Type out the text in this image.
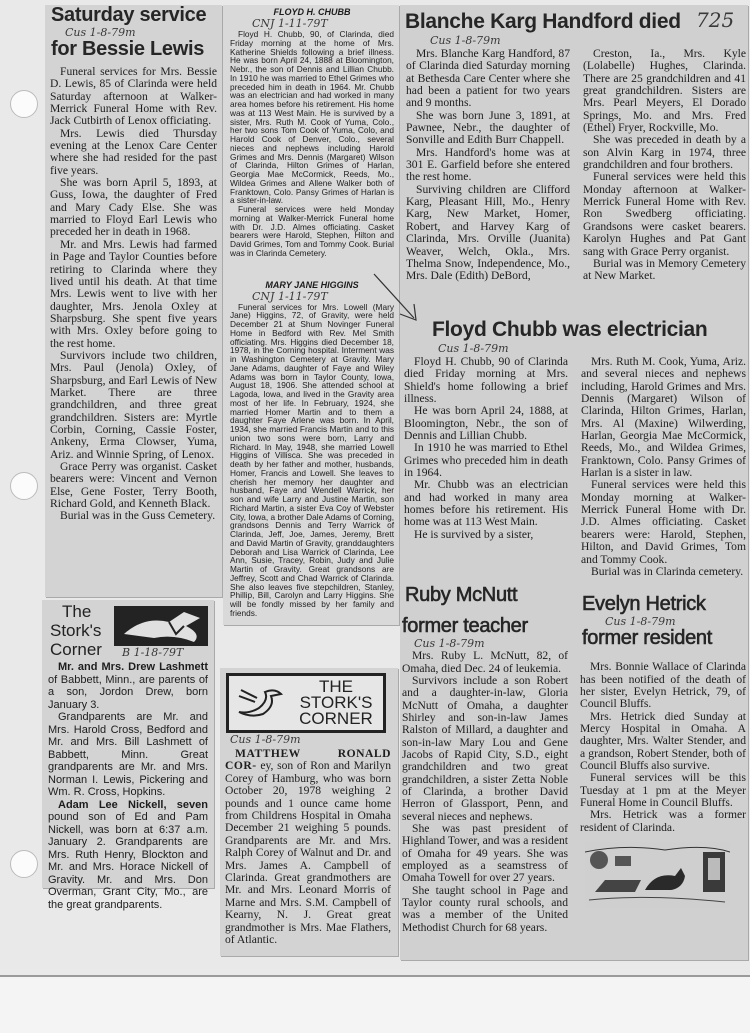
Saturday service
Cus 1-8-79m
for Bessie Lewis

Funeral services for Mrs. Bessie D. Lewis, 85 of Clarinda were held Saturday afternoon at Walker-Merrick Funeral Home with Rev. Jack Cutbirth of Lenox officiating.

Mrs. Lewis died Thursday evening at the Lenox Care Center where she had resided for the past five years.

She was born April 5, 1893, at Guss, Iowa, the daughter of Fred and Mary Cady Else. She was married to Floyd Earl Lewis who preceded her in death in 1968.

Mr. and Mrs. Lewis had farmed in Page and Taylor Counties before retiring to Clarinda where they lived until his death. At that time Mrs. Lewis went to live with her daughter, Mrs. Jenola Oxley at Sharpsburg. She spent five years with Mrs. Oxley before going to the rest home.

Survivors include two children, Mrs. Paul (Jenola) Oxley, of Sharpsburg, and Earl Lewis of New Market. There are three grandchildren, and three great grandchildren. Sisters are: Myrtle Corbin, Corning, Cassie Foster, Ankeny, Erma Clowser, Yuma, Ariz. and Winnie Spring, of Lenox.

Grace Perry was organist. Casket bearers were: Vincent and Vernon Else, Gene Foster, Terry Booth, Richard Gold, and Kenneth Black.

Burial was in the Guss Cemetery.

FLOYD H. CHUBB
CNJ 1-11-79T

Floyd H. Chubb, 90, of Clarinda, died Friday morning at the home of Mrs. Katherine Shields following a brief illness. He was born April 24, 1888 at Bloomington, Nebr., the son of Dennis and Lillian Chubb. In 1910 he was married to Ethel Grimes who preceded him in death in 1964. Mr. Chubb was an electrician and had worked in many area homes before his retirement. His home was at 113 West Main. He is survived by a sister, Mrs. Ruth M. Cook of Yuma, Colo., her two sons Tom Cook of Yuma, Colo, and Harold Cook of Denver, Colo., several nieces and nephews including Harold Grimes and Mrs. Dennis (Margaret) Wilson of Clarinda, Hilton Grimes of Harlan, Georgia Mae McCormick, Reeds, Mo., Wildea Grimes and Allene Walker both of Franktown, Colo. Pansy Grimes of Harlan is a sister-in-law.

Funeral services were held Monday morning at Walker-Merrick Funeral home with Dr. J.D. Almes officiating. Casket bearers were Harold, Stephen, Hilton and David Grimes, Tom and Tommy Cook. Burial was in Clarinda Cemetery.

MARY JANE HIGGINS
CNJ 1-11-79T

Funeral services for Mrs. Lowell (Mary Jane) Higgins, 72, of Gravity, were held December 21 at Shum Novinger Funeral Home in Bedford with Rev. Mel Smith officiating. Mrs. Higgins died December 18, 1978, in the Corning hospital. Interment was in Washington Cemetery at Gravity. Mary Jane Adams, daughter of Faye and Wiley Adams was born in Taylor County, Iowa, August 18, 1906. She attended school at Lagoda, Iowa, and lived in the Gravity area most of her life. In February, 1924, she married Homer Martin and to them a daughter Faye Arlene was born. In April, 1934, she married Francis Martin and to this union two sons were born, Larry and Richard. In May, 1948, she married Lowell Higgins of Villisca. She was preceded in death by her father and mother, husbands, Homer, Francis and Lowell. She leaves to cherish her memory her daughter and husband, Faye and Wendell Warrick, her son and wife Larry and Justine Martin, son Richard Martin, a sister Eva Coy of Webster City, Iowa, a brother Dale Adams of Corning, grandsons Dennis and Terry Warrick of Clarinda, Jeff, Joe, James, Jeremy, Brett and David Martin of Gravity, granddaughters Deborah and Lisa Warrick of Clarinda, Lee Ann, Susie, Tracey, Robin, Judy and Julie Martin of Gravity. Great grandsons are Jeffrey, Scott and Chad Warrick of Clarinda. She also leaves five stepchildren, Stanley, Phillip, Bill, Carolyn and Larry Higgins. She will be fondly missed by her family and friends.

The
Stork's
Corner B 1-18-79T

Mr. and Mrs. Drew Lashmett of Babbett, Minn., are parents of a son, Jordon Drew, born January 3.

Grandparents are Mr. and Mrs. Harold Cross, Bedford and Mr. and Mrs. Bill Lashmett of Babbett, Minn. Great grandparents are Mr. and Mrs. Norman I. Lewis, Pickering and Wm. R. Cross, Hopkins.

Adam Lee Nickell, seven pound son of Ed and Pam Nickell, was born at 6:37 a.m. January 2. Grandparents are Mrs. Ruth Henry, Blockton and Mr. and Mrs. Horace Nickell of Gravity. Mr. and Mrs. Don Overman, Grant City, Mo., are the great grandparents.

THE
STORK'S
CORNER
Cus 1-8-79m

MATTHEW RONALD COR- ey, son of Ron and Marilyn Corey of Hamburg, who was born October 20, 1978 weighing 2 pounds and 1 ounce came home from Childrens Hospital in Omaha December 21 weighing 5 pounds. Grandparents are Mr. and Mrs. Ralph Corey of Walnut and Dr. and Mrs. James A. Campbell of Clarinda. Great grandmothers are Mr. and Mrs. Leonard Morris of Marne and Mrs. S.M. Campbell of Kearny, N. J. Great great grandmother is Mrs. Mae Flathers, of Atlantic.

Blanche Karg Handford died 725
Cus 1-8-79m

Mrs. Blanche Karg Handford, 87 of Clarinda died Saturday morning at Bethesda Care Center where she had been a patient for two years and 9 months.

She was born June 3, 1891, at Pawnee, Nebr., the daughter of Sonville and Edith Burr Chappell.

Mrs. Handford's home was at 301 E. Garfield before she entered the rest home.

Surviving children are Clifford Karg, Pleasant Hill, Mo., Henry Karg, New Market, Homer, Robert, and Harvey Karg of Clarinda, Mrs. Orville (Juanita) Weaver, Welch, Okla., Mrs. Thelma Snow, Independence, Mo., Mrs. Dale (Edith) DeBord,

Creston, Ia., Mrs. Kyle (Lolabelle) Hughes, Clarinda. There are 25 grandchildren and 41 great grandchildren. Sisters are Mrs. Pearl Meyers, El Dorado Springs, Mo. and Mrs. Fred (Ethel) Fryer, Rockville, Mo.

She was preceded in death by a son Alvin Karg in 1974, three grandchildren and four brothers.

Funeral services were held this Monday afternoon at Walker-Merrick Funeral Home with Rev. Ron Swedberg officiating. Grandsons were casket bearers. Karolyn Hughes and Pat Gant sang with Grace Perry organist.

Burial was in Memory Cemetery at New Market.

Floyd Chubb was electrician
Cus 1-8-79m

Floyd H. Chubb, 90 of Clarinda died Friday morning at Mrs. Shield's home following a brief illness.

He was born April 24, 1888, at Bloomington, Nebr., the son of Dennis and Lillian Chubb.

In 1910 he was married to Ethel Grimes who preceded him in death in 1964.

Mr. Chubb was an electrician and had worked in many area homes before his retirement. His home was at 113 West Main.

He is survived by a sister,

Ruby McNutt
former teacher
Cus 1-8-79m

Mrs. Ruby L. McNutt, 82, of Omaha, died Dec. 24 of leukemia.

Survivors include a son Robert and a daughter-in-law, Gloria McNutt of Omaha, a daughter Shirley and son-in-law James Ralston of Millard, a daughter and son-in-law Mary Lou and Gene Jacobs of Rapid City, S.D., eight grandchildren and two great grandchildren, a sister Zetta Noble of Clarinda, a brother David Herron of Glassport, Penn, and several nieces and nephews.

She was past president of Highland Tower, and was a resident of Omaha for 49 years. She was employed as a seamstress of Omaha Towell for over 27 years.

She taught school in Page and Taylor county rural schools, and was a member of the United Methodist Church for 68 years.

Mrs. Ruth M. Cook, Yuma, Ariz. and several nieces and nephews including, Harold Grimes and Mrs. Dennis (Margaret) Wilson of Clarinda, Hilton Grimes, Harlan, Mrs. Al (Maxine) Wilwerding, Harlan, Georgia Mae McCormick, Reeds, Mo., and Wildea Grimes, Franktown, Colo. Pansy Grimes of Harlan is a sister in law.

Funeral services were held this Monday morning at Walker-Merrick Funeral Home with Dr. J.D. Almes officiating. Casket bearers were: Harold, Stephen, Hilton, and David Grimes, Tom and Tommy Cook.

Burial was in Clarinda cemetery.

Evelyn Hetrick
Cus 1-8-79m
former resident

Mrs. Bonnie Wallace of Clarinda has been notified of the death of her sister, Evelyn Hetrick, 79, of Council Bluffs.

Mrs. Hetrick died Sunday at Mercy Hospital in Omaha. A daughter, Mrs. Walter Stender, and a grandson, Robert Stender, both of Council Bluffs also survive.

Funeral services will be this Tuesday at 1 pm at the Meyer Funeral Home in Council Bluffs.

Mrs. Hetrick was a former resident of Clarinda.
